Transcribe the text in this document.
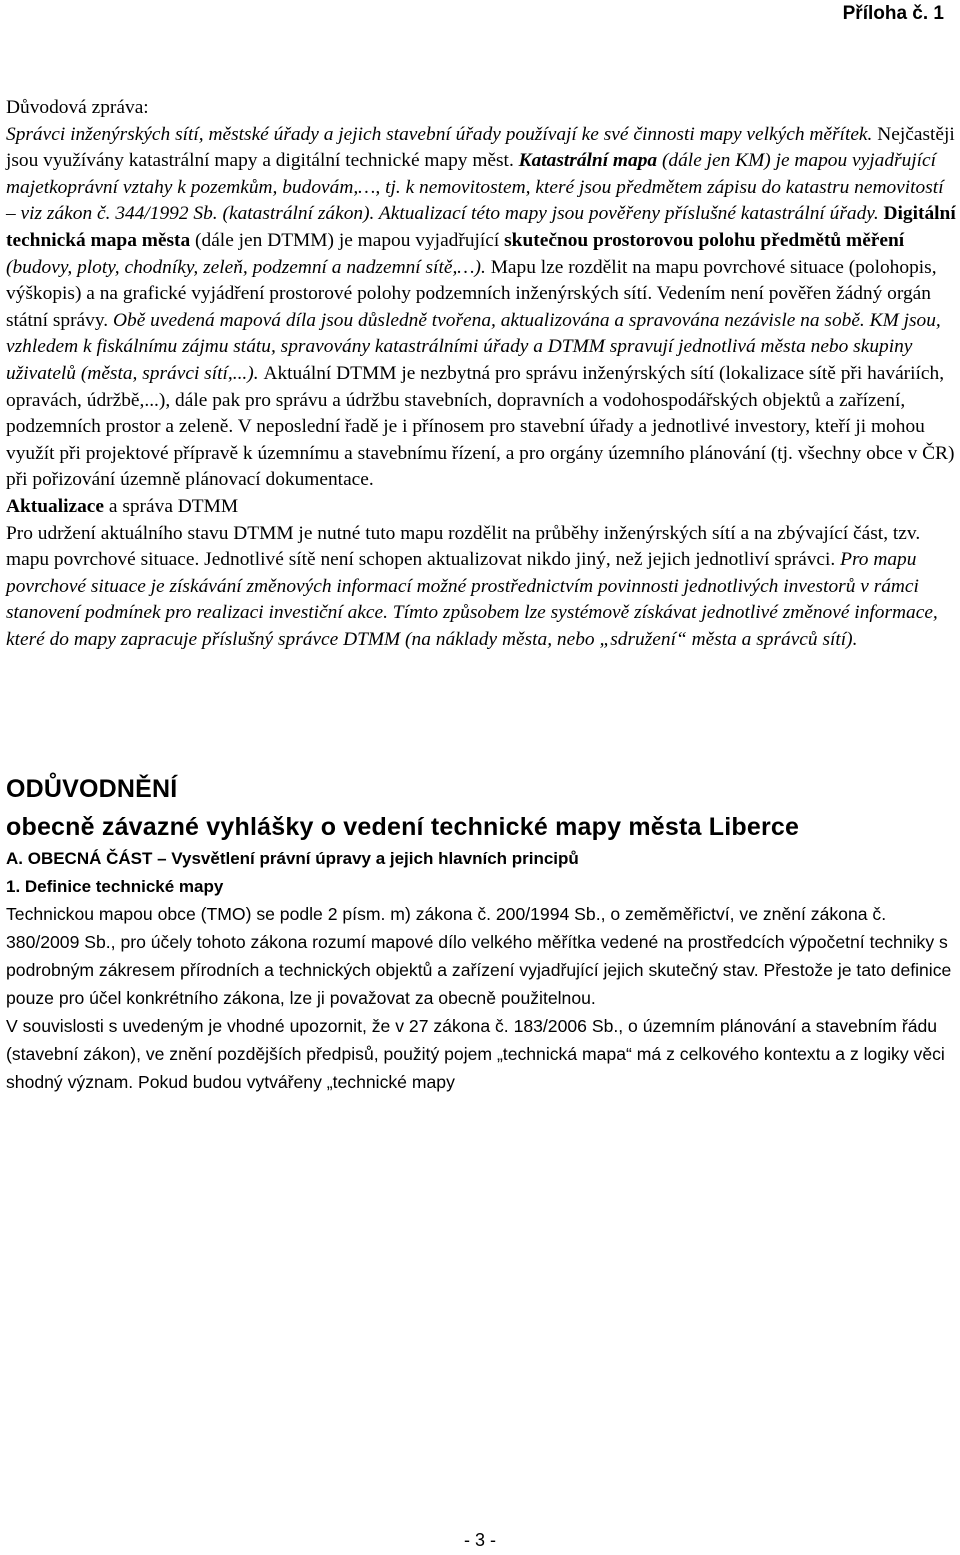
Příloha č. 1

Důvodová zpráva:

Správci inženýrských sítí, městské úřady a jejich stavební úřady používají ke své činnosti mapy velkých měřítek. Nejčastěji jsou využívány katastrální mapy a digitální technické mapy měst. Katastrální mapa (dále jen KM) je mapou vyjadřující majetkoprávní vztahy k pozemkům, budovám,…, tj. k nemovitostem, které jsou předmětem zápisu do katastru nemovitostí – viz zákon č. 344/1992 Sb. (katastrální zákon). Aktualizací této mapy jsou pověřeny příslušné katastrální úřady. Digitální technická mapa města (dále jen DTMM) je mapou vyjadřující skutečnou prostorovou polohu předmětů měření (budovy, ploty, chodníky, zeleň, podzemní a nadzemní sítě,…). Mapu lze rozdělit na mapu povrchové situace (polohopis, výškopis) a na grafické vyjádření prostorové polohy podzemních inženýrských sítí. Vedením není pověřen žádný orgán státní správy. Obě uvedená mapová díla jsou důsledně tvořena, aktualizována a spravována nezávisle na sobě. KM jsou, vzhledem k fiskálnímu zájmu státu, spravovány katastrálními úřady a DTMM spravují jednotlivá města nebo skupiny uživatelů (města, správci sítí,...). Aktuální DTMM je nezbytná pro správu inženýrských sítí (lokalizace sítě při haváriích, opravách, údržbě,...), dále pak pro správu a údržbu stavebních, dopravních a vodohospodářských objektů a zařízení, podzemních prostor a zeleně. V neposlední řadě je i přínosem pro stavební úřady a jednotlivé investory, kteří ji mohou využít při projektové přípravě k územnímu a stavebnímu řízení, a pro orgány územního plánování (tj. všechny obce v ČR) při pořizování územně plánovací dokumentace.

Aktualizace a správa DTMM

Pro udržení aktuálního stavu DTMM je nutné tuto mapu rozdělit na průběhy inženýrských sítí a na zbývající část, tzv. mapu povrchové situace. Jednotlivé sítě není schopen aktualizovat nikdo jiný, než jejich jednotliví správci. Pro mapu povrchové situace je získávání změnových informací možné prostřednictvím povinnosti jednotlivých investorů v rámci stanovení podmínek pro realizaci investiční akce. Tímto způsobem lze systémově získávat jednotlivé změnové informace, které do mapy zapracuje příslušný správce DTMM (na náklady města, nebo „sdružení“ města a správců sítí).

ODŮVODNĚNÍ

obecně závazné vyhlášky o vedení technické mapy města Liberce

A. OBECNÁ ČÁST – Vysvětlení právní úpravy a jejich hlavních principů

1. Definice technické mapy

Technickou mapou obce (TMO) se podle 2 písm. m) zákona č. 200/1994 Sb., o zeměměřictví, ve znění zákona č. 380/2009 Sb., pro účely tohoto zákona rozumí mapové dílo velkého měřítka vedené na prostředcích výpočetní techniky s podrobným zákresem přírodních a technických objektů a zařízení vyjadřující jejich skutečný stav. Přestože je tato definice pouze pro účel konkrétního zákona, lze ji považovat za obecně použitelnou.

V souvislosti s uvedeným je vhodné upozornit, že v 27 zákona č. 183/2006 Sb., o územním plánování a stavebním řádu (stavební zákon), ve znění pozdějších předpisů, použitý pojem „technická mapa“ má z celkového kontextu a z logiky věci shodný význam. Pokud budou vytvářeny „technické mapy

- 3 -
